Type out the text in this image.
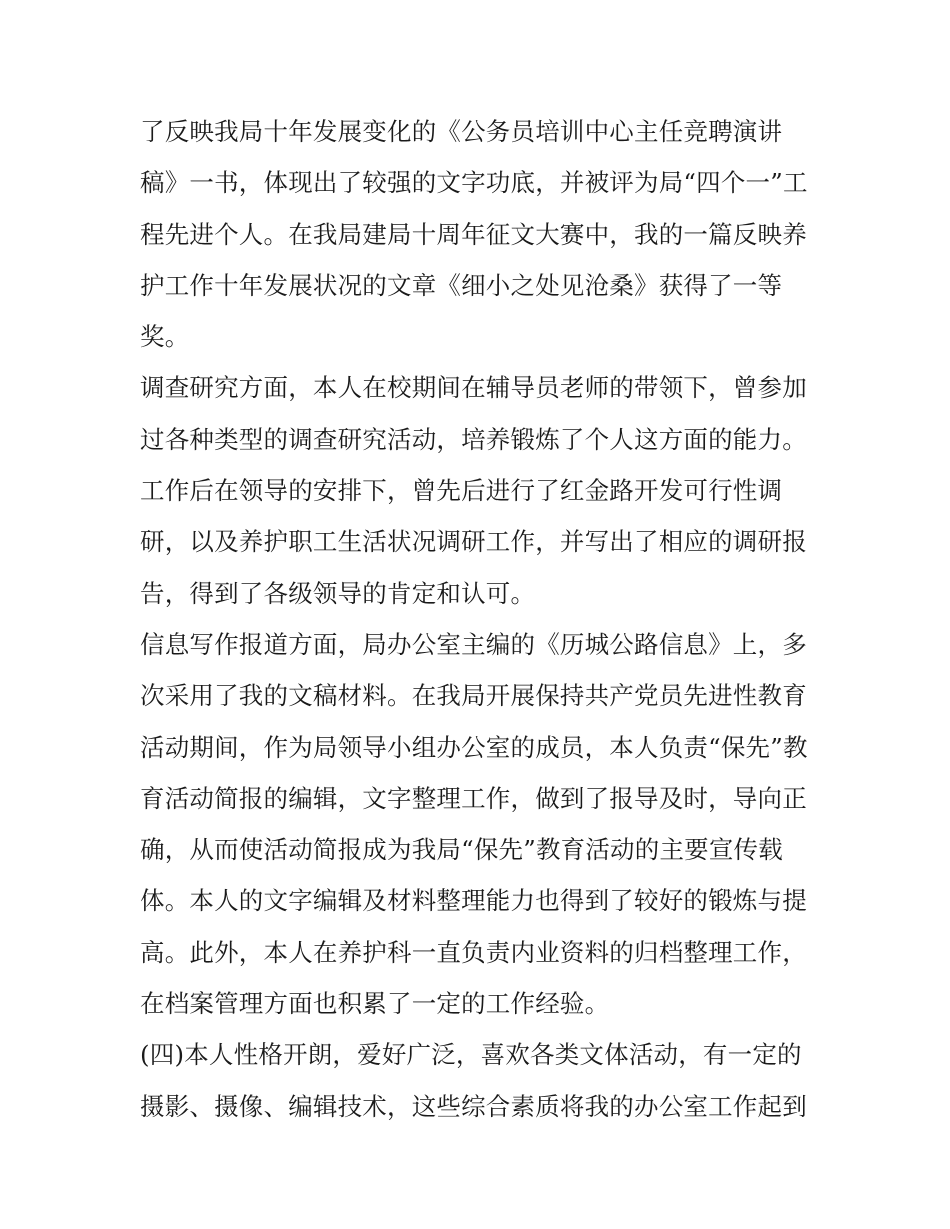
了反映我局十年发展变化的《公务员培训中心主任竞聘演讲
稿》一书，体现出了较强的文字功底，并被评为局“四个一”工
程先进个人。在我局建局十周年征文大赛中，我的一篇反映养
护工作十年发展状况的文章《细小之处见沧桑》获得了一等
奖。
调查研究方面，本人在校期间在辅导员老师的带领下，曾参加
过各种类型的调查研究活动，培养锻炼了个人这方面的能力。
工作后在领导的安排下，曾先后进行了红金路开发可行性调
研，以及养护职工生活状况调研工作，并写出了相应的调研报
告，得到了各级领导的肯定和认可。
信息写作报道方面，局办公室主编的《历城公路信息》上，多
次采用了我的文稿材料。在我局开展保持共产党员先进性教育
活动期间，作为局领导小组办公室的成员，本人负责“保先”教
育活动简报的编辑，文字整理工作，做到了报导及时，导向正
确，从而使活动简报成为我局“保先”教育活动的主要宣传载
体。本人的文字编辑及材料整理能力也得到了较好的锻炼与提
高。此外，本人在养护科一直负责内业资料的归档整理工作，
在档案管理方面也积累了一定的工作经验。
(四)本人性格开朗，爱好广泛，喜欢各类文体活动，有一定的
摄影、摄像、编辑技术，这些综合素质将我的办公室工作起到
